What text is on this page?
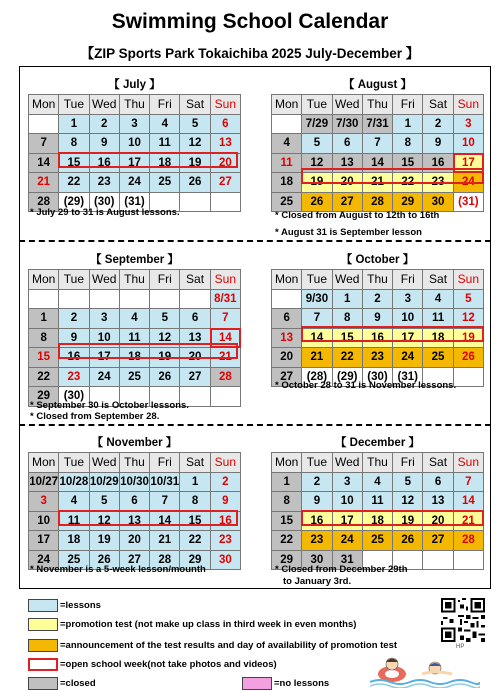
Swimming School Calendar
【ZIP Sports Park Tokaichiba 2025 July-December 】
【 July 】
Mon	Tue	Wed	Thu	Fri	Sat	Sun
	1	2	3	4	5	6
7	8	9	10	11	12	13
14	15	16	17	18	19	20
21	22	23	24	25	26	27
28	(29)	(30)	(31)			
【 August 】
Mon	Tue	Wed	Thu	Fri	Sat	Sun
	7/29	7/30	7/31	1	2	3
4	5	6	7	8	9	10
11	12	13	14	15	16	17
18	19	20	21	22	23	24
25	26	27	28	29	30	(31)
【 September 】
Mon	Tue	Wed	Thu	Fri	Sat	Sun
						8/31
1	2	3	4	5	6	7
8	9	10	11	12	13	14
15	16	17	18	19	20	21
22	23	24	25	26	27	28
29	(30)					
【 October 】
Mon	Tue	Wed	Thu	Fri	Sat	Sun
	9/30	1	2	3	4	5
6	7	8	9	10	11	12
13	14	15	16	17	18	19
20	21	22	23	24	25	26
27	(28)	(29)	(30)	(31)		
【 November 】
Mon	Tue	Wed	Thu	Fri	Sat	Sun
10/27	10/28	10/29	10/30	10/31	1	2
3	4	5	6	7	8	9
10	11	12	13	14	15	16
17	18	19	20	21	22	23
24	25	26	27	28	29	30
【 December 】
Mon	Tue	Wed	Thu	Fri	Sat	Sun
1	2	3	4	5	6	7
8	9	10	11	12	13	14
15	16	17	18	19	20	21
22	23	24	25	26	27	28
29	30	31				
* July 29 to 31 is August lessons.	* Closed from August to 12th to 16th
* August 31 is September lesson
* September 30 is October lessons.
* Closed from September 28.
* October 28 to 31 is November lessons.
* November is a 5-week lesson/mounth	* Closed from December 29th
to January 3rd.
=lessons
=promotion test (not make up class in third week in even months)
=announcement of the test results and day of availability of promotion test
=open school week(not take photos and videos)
=closed	=no lessons
HP
